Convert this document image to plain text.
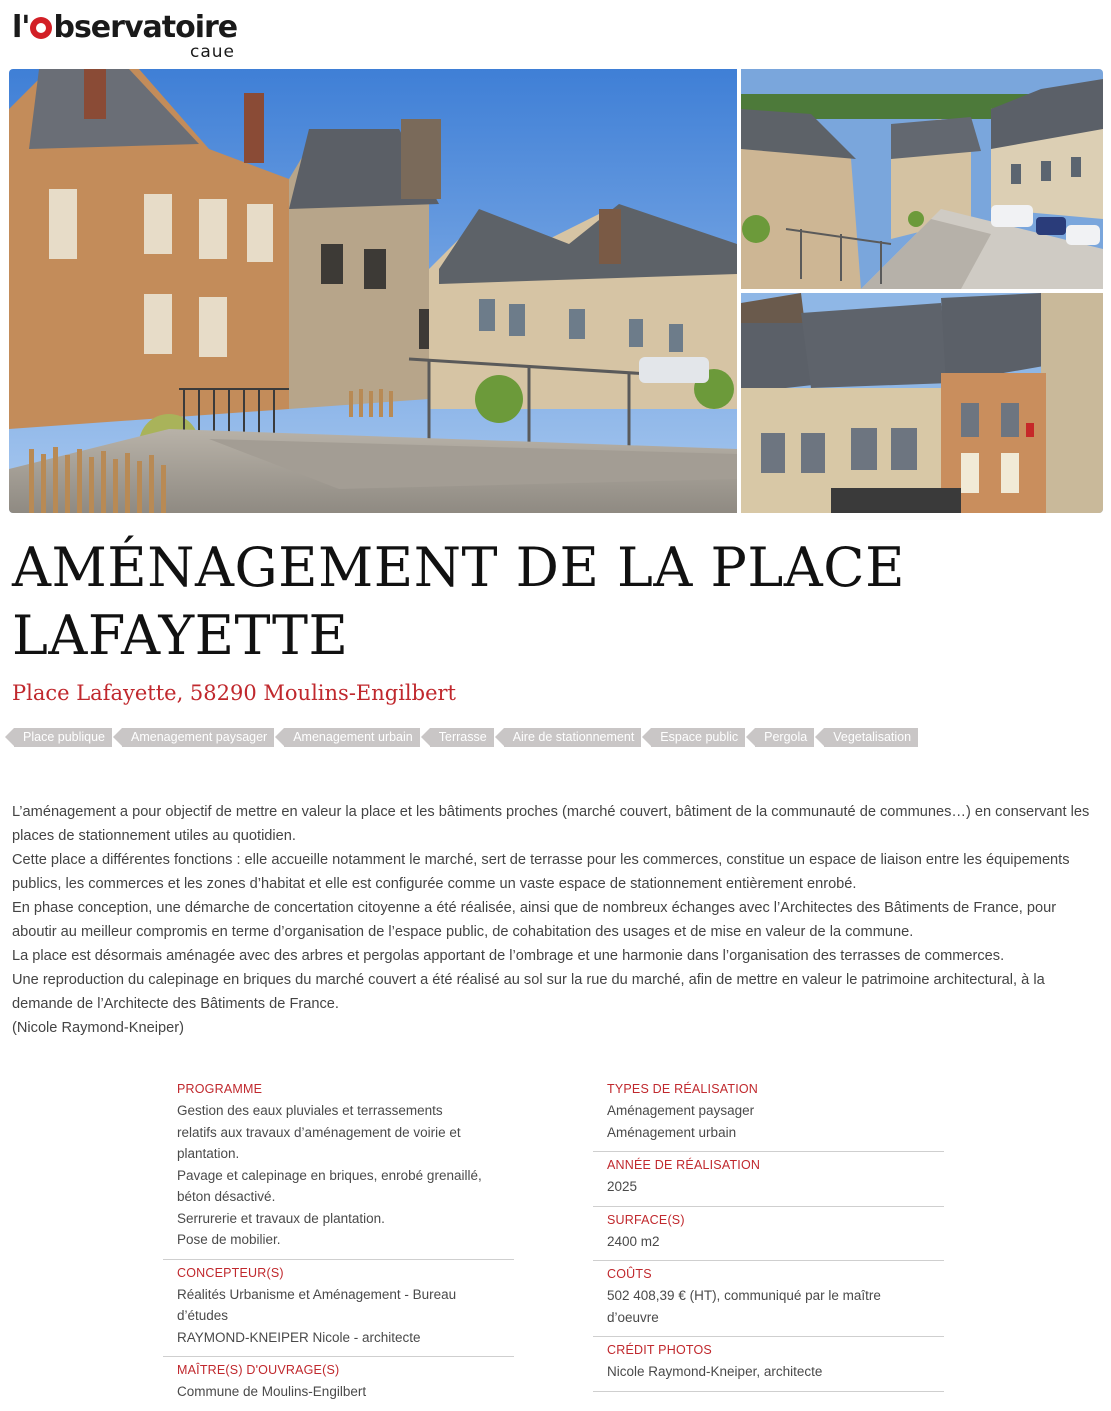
l' bservatoire
caue
AMÉNAGEMENT DE LA PLACE LAFAYETTE
Place Lafayette, 58290 Moulins-Engilbert
Place publique	Amenagement paysager	Amenagement urbain	Terrasse	Aire de stationnement	Espace public	Pergola	Vegetalisation

L’aménagement a pour objectif de mettre en valeur la place et les bâtiments proches (marché couvert, bâtiment de la communauté de communes…) en conservant les places de stationnement utiles au quotidien.

Cette place a différentes fonctions : elle accueille notamment le marché, sert de terrasse pour les commerces, constitue un espace de liaison entre les équipements publics, les commerces et les zones d’habitat et elle est configurée comme un vaste espace de stationnement entièrement enrobé.

En phase conception, une démarche de concertation citoyenne a été réalisée, ainsi que de nombreux échanges avec l’Architectes des Bâtiments de France, pour aboutir au meilleur compromis en terme d’organisation de l’espace public, de cohabitation des usages et de mise en valeur de la commune.

La place est désormais aménagée avec des arbres et pergolas apportant de l’ombrage et une harmonie dans l’organisation des terrasses de commerces.

Une reproduction du calepinage en briques du marché couvert a été réalisé au sol sur la rue du marché, afin de mettre en valeur le patrimoine architectural, à la demande de l’Architecte des Bâtiments de France.

(Nicole Raymond-Kneiper)

PROGRAMME
Gestion des eaux pluviales et terrassements
relatifs aux travaux d’aménagement de voirie et
plantation.
Pavage et calepinage en briques, enrobé grenaillé,
béton désactivé.
Serrurerie et travaux de plantation.
Pose de mobilier.
CONCEPTEUR(S)
Réalités Urbanisme et Aménagement - Bureau
d’études
RAYMOND-KNEIPER Nicole - architecte
MAÎTRE(S) D'OUVRAGE(S)
Commune de Moulins-Engilbert
TYPES DE RÉALISATION
Aménagement paysager
Aménagement urbain
ANNÉE DE RÉALISATION
2025
SURFACE(S)
2400 m2
COÛTS
502 408,39 € (HT), communiqué par le maître
d’oeuvre
CRÉDIT PHOTOS
Nicole Raymond-Kneiper, architecte
